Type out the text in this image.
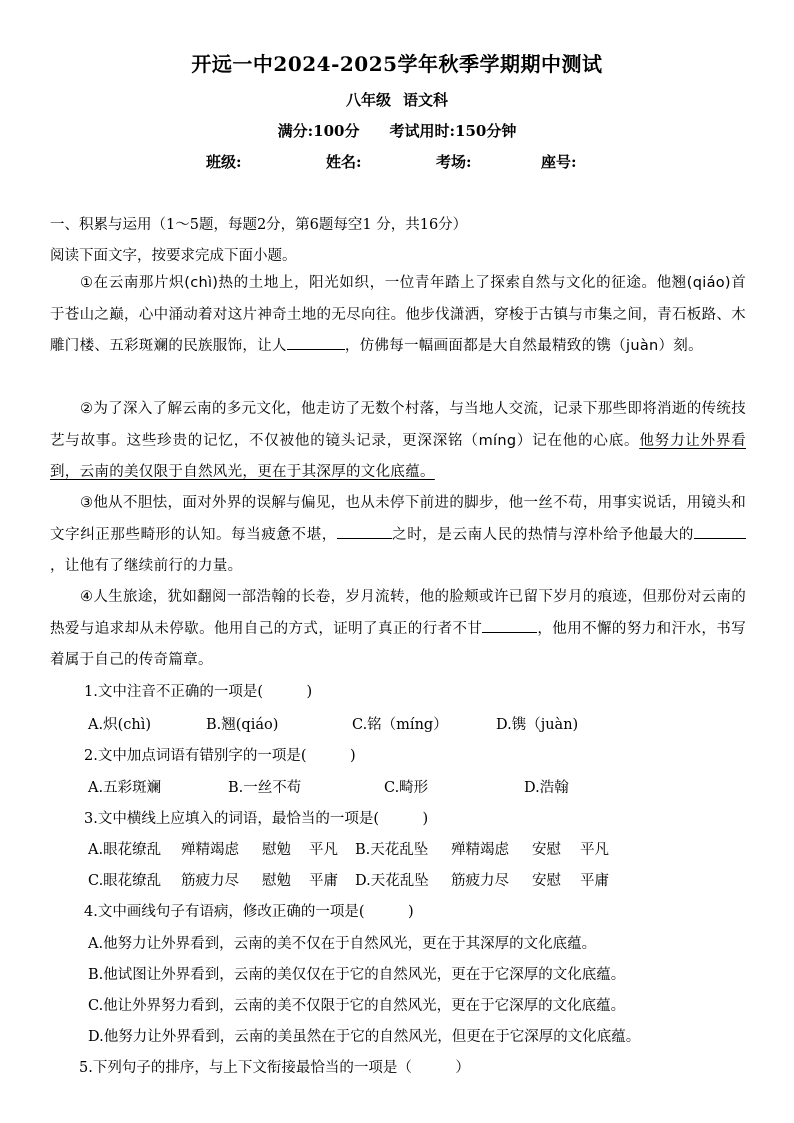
开远一中2024-2025学年秋季学期期中测试
八年级 语文科
满分:100分 考试用时:150分钟
班级:	姓名:	考场:	座号:
一、积累与运用（1～5题，每题2分，第6题每空1 分，共16分）
阅读下面文字，按要求完成下面小题。
①在云南那片炽(chì)热的土地上，阳光如织，一位青年踏上了探索自然与文化的征途。他翘(qiáo)首于苍山之巅，心中涌动着对这片神奇土地的无尽向往。他步伐潇洒，穿梭于古镇与市集之间，青石板路、木雕门楼、五彩斑斓的民族服饰，让人	，仿佛每一幅画面都是大自然最精致的镌（juàn）刻。
②为了深入了解云南的多元文化，他走访了无数个村落，与当地人交流，记录下那些即将消逝的传统技艺与故事。这些珍贵的记忆，不仅被他的镜头记录，更深深铭（míng）记在他的心底。他努力让外界看到，云南的美仅限于自然风光，更在于其深厚的文化底蕴。
③他从不胆怯，面对外界的误解与偏见，也从未停下前进的脚步，他一丝不苟，用事实说话，用镜头和文字纠正那些畸形的认知。每当疲惫不堪，	之时，是云南人民的热情与淳朴给予他最大的，让他有了继续前行的力量。
④人生旅途，犹如翻阅一部浩翰的长卷，岁月流转，他的脸颊或许已留下岁月的痕迹，但那份对云南的热爱与追求却从未停歇。他用自己的方式，证明了真正的行者不甘	，他用不懈的努力和汗水，书写着属于自己的传奇篇章。
1.文中注音不正确的一项是(　　　)
A.炽(chì)	B.翘(qiáo)	C.铭（míng）	D.镌（juàn)
2.文中加点词语有错别字的一项是(　　　)
A.五彩斑斓	B.一丝不苟	C.畸形	D.浩翰
3.文中横线上应填入的词语，最恰当的一项是(　　　)
A.眼花缭乱 殚精竭虑 慰勉 平凡 B.天花乱坠 殚精竭虑 安慰 平凡
C.眼花缭乱 筋疲力尽 慰勉 平庸 D.天花乱坠 筋疲力尽 安慰 平庸
4.文中画线句子有语病，修改正确的一项是(　　　)
A.他努力让外界看到，云南的美不仅在于自然风光，更在于其深厚的文化底蕴。
B.他试图让外界看到，云南的美仅仅在于它的自然风光，更在于它深厚的文化底蕴。
C.他让外界努力看到，云南的美不仅限于它的自然风光，更在于它深厚的文化底蕴。
D.他努力让外界看到，云南的美虽然在于它的自然风光，但更在于它深厚的文化底蕴。
5.下列句子的排序，与上下文衔接最恰当的一项是（　　　）
